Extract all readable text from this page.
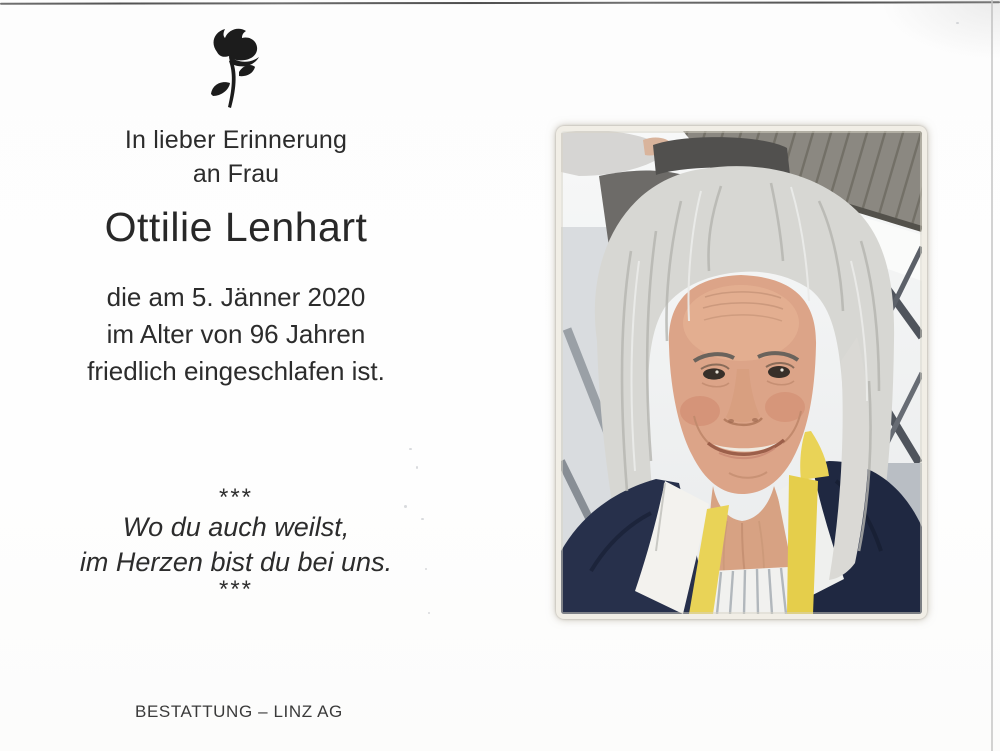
In lieber Erinnerung
an Frau
Ottilie Lenhart
die am 5. Jänner 2020
im Alter von 96 Jahren
friedlich eingeschlafen ist.
***
Wo du auch weilst,
im Herzen bist du bei uns.
***
BESTATTUNG – LINZ AG
